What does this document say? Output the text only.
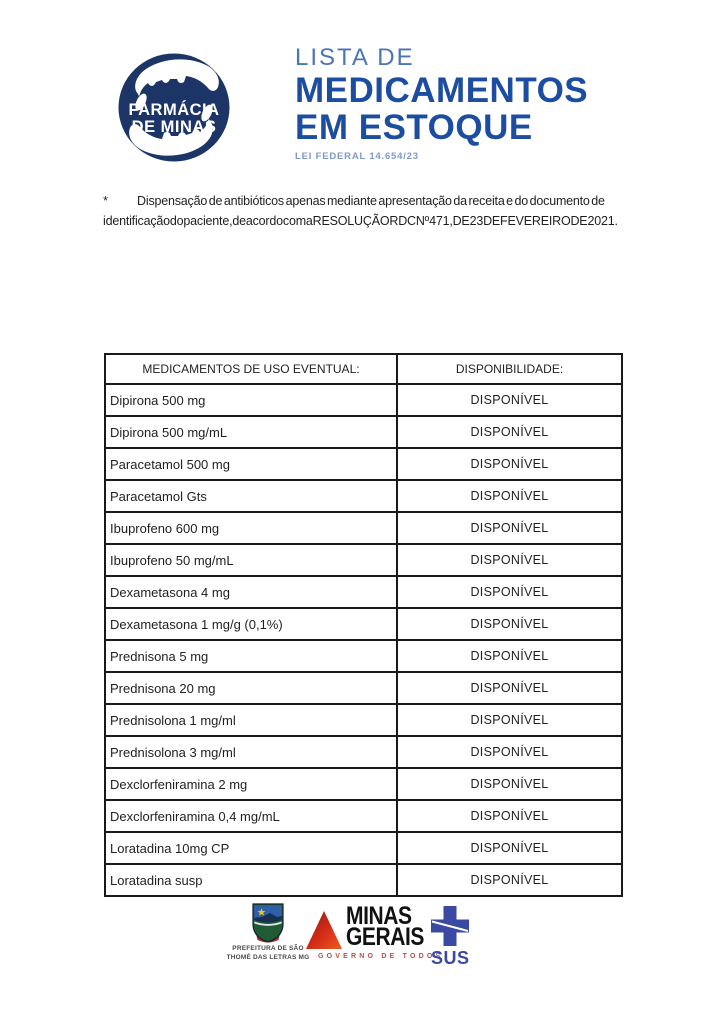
FARMÁCIA
DE MINAS
LISTA DE
MEDICAMENTOS
EM ESTOQUE
LEI FEDERAL 14.654/23
* Dispensação de antibióticos apenas mediante apresentação da receita e do documento de
identificação do paciente, de acordo com a RESOLUÇÃO RDC Nº 471, DE 23 DE FEVEREIRO DE 2021.
MEDICAMENTOS DE USO EVENTUAL:	DISPONIBILIDADE:
Dipirona 500 mg	DISPONÍVEL
Dipirona 500 mg/mL	DISPONÍVEL
Paracetamol 500 mg	DISPONÍVEL
Paracetamol Gts	DISPONÍVEL
Ibuprofeno 600 mg	DISPONÍVEL
Ibuprofeno 50 mg/mL	DISPONÍVEL
Dexametasona 4 mg	DISPONÍVEL
Dexametasona 1 mg/g (0,1%)	DISPONÍVEL
Prednisona 5 mg	DISPONÍVEL
Prednisona 20 mg	DISPONÍVEL
Prednisolona 1 mg/ml	DISPONÍVEL
Prednisolona 3 mg/ml	DISPONÍVEL
Dexclorfeniramina 2 mg	DISPONÍVEL
Dexclorfeniramina 0,4 mg/mL	DISPONÍVEL
Loratadina 10mg CP	DISPONÍVEL
Loratadina susp	DISPONÍVEL
PREFEITURA DE SÃO
THOMÉ DAS LETRAS MG
MINAS
GERAIS
GOVERNO DE TODOS
SUS
